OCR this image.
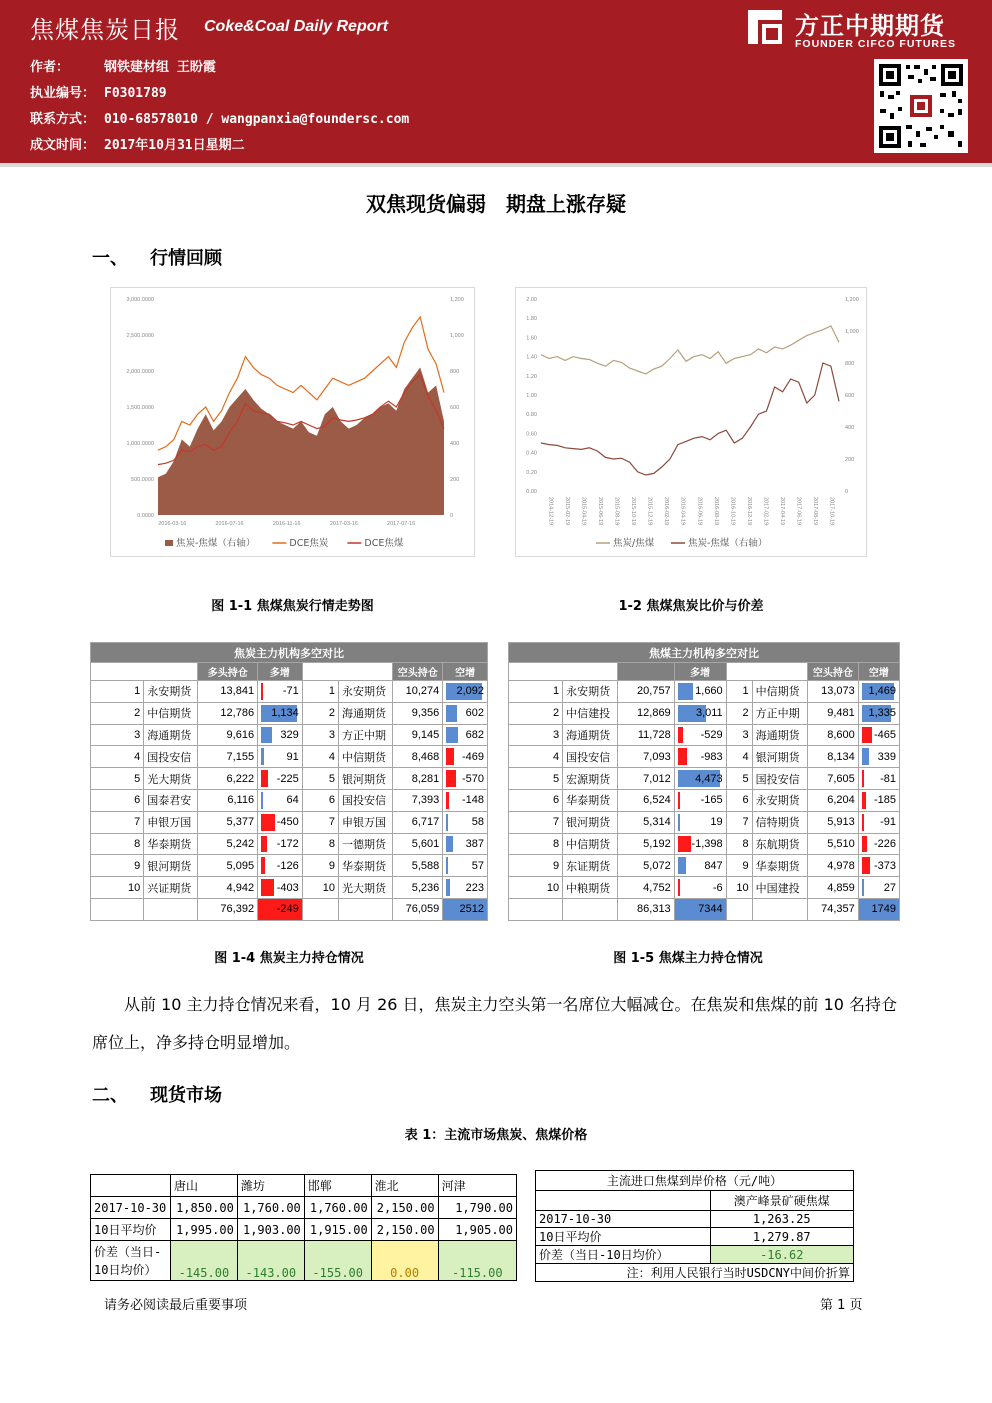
焦煤焦炭日报 Coke&Coal Daily Report
作者：	钢铁建材组 王盼霞
执业编号： F0301789
联系方式： 010-68578010 / wangpanxia@foundersc.com
成文时间： 2017年10月31日星期二
方正中期期货
FOUNDER CIFCO FUTURES
双焦现货偏弱　期盘上涨存疑
一、 行情回顾
0.0000
500.0000
1,000.0000
1,500.0000
2,000.0000
2,500.0000
3,000.0000
0
200
400
600
800
1,000
1,200
2016-03-16	2016-07-16	2016-11-16	2017-03-16	2017-07-16
焦炭-焦煤（右轴）	DCE焦炭	DCE焦煤
0.00
0.20
0.40
0.60
0.80
1.00
1.20
1.40
1.60
1.80
2.00
0
200
400
600
800
1,000
1,200
2014-12-19 2015-02-19 2015-04-19 2015-06-19 2015-08-19 2015-10-19 2015-12-19 2016-02-19 2016-04-19 2016-06-19 2016-08-19 2016-10-19 2016-12-19 2017-02-19 2017-04-19 2017-06-19 2017-08-19 2017-10-19
焦炭/焦煤	焦炭-焦煤（右轴）
图 1-1 焦煤焦炭行情走势图	1-2 焦煤焦炭比价与价差
焦炭主力机构多空对比							
		多头持仓	多增			空头持仓	空增
1	永安期货	13,841	-71	1	永安期货	10,274	2,092
2	中信期货	12,786	1,134	2	海通期货	9,356	602
3	海通期货	9,616	329	3	方正中期	9,145	682
4	国投安信	7,155	91	4	中信期货	8,468	-469
5	光大期货	6,222	-225	5	银河期货	8,281	-570
6	国泰君安	6,116	64	6	国投安信	7,393	-148
7	申银万国	5,377	-450	7	申银万国	6,717	58
8	华泰期货	5,242	-172	8	一德期货	5,601	387
9	银河期货	5,095	-126	9	华泰期货	5,588	57
10	兴证期货	4,942	-403	10	光大期货	5,236	223
		76,392	-249			76,059	2512
焦煤主力机构多空对比							
			多增			空头持仓	空增
1	永安期货	20,757	1,660	1	中信期货	13,073	1,469
2	中信建投	12,869	3,011	2	方正中期	9,481	1,335
3	海通期货	11,728	-529	3	海通期货	8,600	-465
4	国投安信	7,093	-983	4	银河期货	8,134	339
5	宏源期货	7,012	4,473	5	国投安信	7,605	-81
6	华泰期货	6,524	-165	6	永安期货	6,204	-185
7	银河期货	5,314	19	7	信特期货	5,913	-91
8	中信期货	5,192	-1,398	8	东航期货	5,510	-226
9	东证期货	5,072	847	9	华泰期货	4,978	-373
10	中粮期货	4,752	-6	10	中国建投	4,859	27
		86,313	7344			74,357	1749
图 1-4 焦炭主力持仓情况	图 1-5 焦煤主力持仓情况
从前 10 主力持仓情况来看，10 月 26 日，焦炭主力空头第一名席位大幅减仓。在焦炭和焦煤的前 10 名持仓席位上，净多持仓明显增加。
二、 现货市场
表 1：主流市场焦炭、焦煤价格
	唐山	潍坊	邯郸	淮北	河津
2017-10-30	1,850.00	1,760.00	1,760.00	2,150.00	1,790.00
10日平均价	1,995.00	1,903.00	1,915.00	2,150.00	1,905.00
价差（当日-
10日均价）	-145.00	-143.00	-155.00	0.00	-115.00
主流进口焦煤到岸价格（元/吨）	
	澳产峰景矿硬焦煤
2017-10-30	1,263.25
10日平均价	1,279.87
价差（当日-10日均价）	-16.62
注：利用人民银行当时USDCNY中间价折算	
请务必阅读最后重要事项	第 1 页
